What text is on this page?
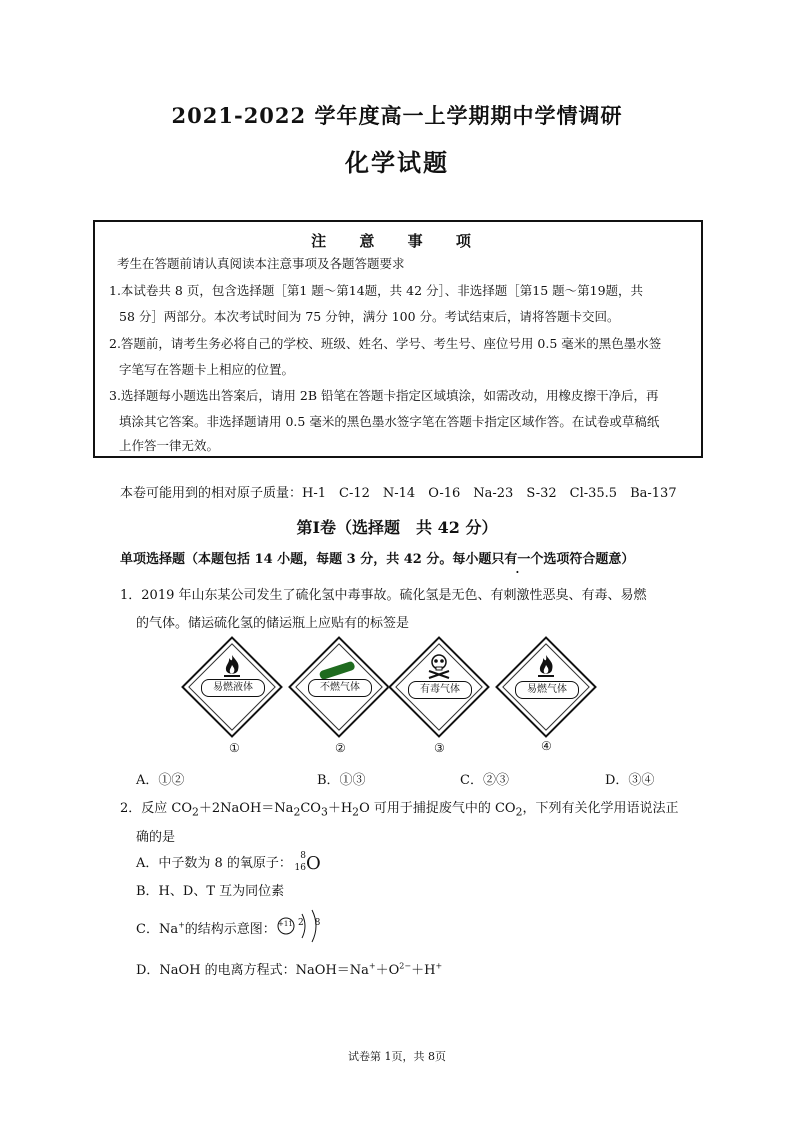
2021-2022 学年度高一上学期期中学情调研
化学试题
注 意 事 项
考生在答题前请认真阅读本注意事项及各题答题要求
1.本试卷共 8 页，包含选择题［第1 题～第14题，共 42 分］、非选择题［第15 题～第19题，共
58 分］两部分。本次考试时间为 75 分钟，满分 100 分。考试结束后，请将答题卡交回。
2.答题前，请考生务必将自己的学校、班级、姓名、学号、考生号、座位号用 0.5 毫米的黑色墨水签
字笔写在答题卡上相应的位置。
3.选择题每小题选出答案后，请用 2B 铅笔在答题卡指定区域填涂，如需改动，用橡皮擦干净后，再
填涂其它答案。非选择题请用 0.5 毫米的黑色墨水签字笔在答题卡指定区域作答。在试卷或草稿纸
上作答一律无效。
本卷可能用到的相对原子质量：H-1　C-12　N-14　O-16　Na-23　S-32　Cl-35.5　Ba-137
第Ⅰ卷（选择题　共 42 分）
单项选择题（本题包括 14 小题，每题 3 分，共 42 分。每小题只有一个选项符合题意）
1．2019 年山东某公司发生了硫化氢中毒事故。硫化氢是无色、有刺激性恶臭、有毒、易燃
的气体。储运硫化氢的储运瓶上应贴有的标签是
易燃液体	不燃气体	有毒气体	易燃气体
①	②	③	④
A．①②	B．①③	C．②③	D．③④
2．反应 $CO_2+2NaOH=Na_2CO_3+H_2O$ 可用于捕捉废气中的 $CO_2$，下列有关化学用语说法正
确的是
A．中子数为 8 的氧原子：
8
16 O
B．H、D、T 互为同位素
C．Na+的结构示意图： +11 2 8
D．NaOH 的电离方程式：$NaOH=Na^++O^{2-}+H^+$
试卷第 1页，共 8页
